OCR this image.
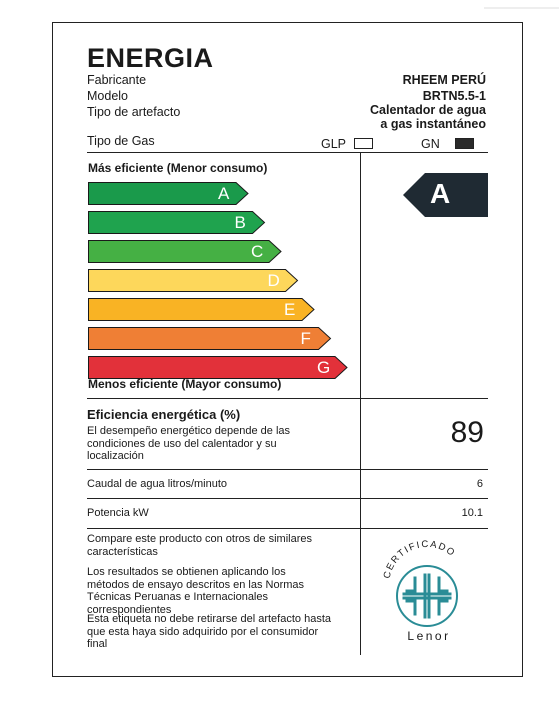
ENERGIA
Fabricante	RHEEM PERÚ
Modelo	BRTN5.5-1
Tipo de artefacto	Calentador de agua
a gas instantáneo
Tipo de Gas	GLP	GN
Más eficiente (Menor consumo)
A
B
C
D
E
F
G
Menos eficiente (Mayor consumo)
A
Eficiencia energética (%)
El desempeño energético depende de las condiciones de uso del calentador y su localización
89
Caudal de agua litros/minuto	6
Potencia kW	10.1
Compare este producto con otros de similares características
Los resultados se obtienen aplicando los métodos de ensayo descritos en las Normas Técnicas Peruanas e Internacionales correspondientes
Esta etiqueta no debe retirarse del artefacto hasta que esta haya sido adquirido por el consumidor final
CERTIFICADO
Lenor
